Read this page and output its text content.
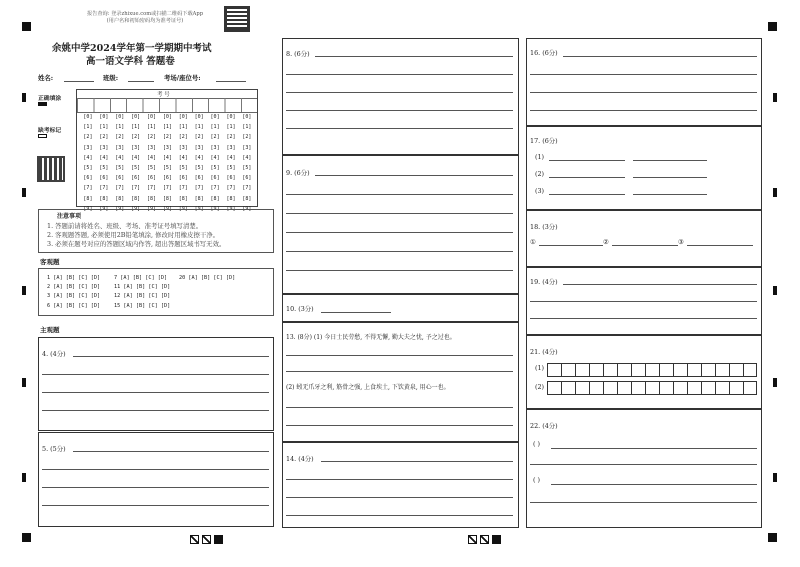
报告查询: 登录zhixue.com或扫描二维码下载App
(用户名和初始密码均为准考证号)
余姚中学2024学年第一学期期中考试
高一语文学科 答题卷
姓名:	班级:	考场/座位号:
正确填涂
缺考标记
考 号
[0]	[0]	[0]	[0]	[0]	[0]	[0]	[0]	[0]	[0]	[0]
[1]	[1]	[1]	[1]	[1]	[1]	[1]	[1]	[1]	[1]	[1]
[2]	[2]	[2]	[2]	[2]	[2]	[2]	[2]	[2]	[2]	[2]
[3]	[3]	[3]	[3]	[3]	[3]	[3]	[3]	[3]	[3]	[3]
[4]	[4]	[4]	[4]	[4]	[4]	[4]	[4]	[4]	[4]	[4]
[5]	[5]	[5]	[5]	[5]	[5]	[5]	[5]	[5]	[5]	[5]
[6]	[6]	[6]	[6]	[6]	[6]	[6]	[6]	[6]	[6]	[6]
[7]	[7]	[7]	[7]	[7]	[7]	[7]	[7]	[7]	[7]	[7]
[8]	[8]	[8]	[8]	[8]	[8]	[8]	[8]	[8]	[8]	[8]
[9]	[9]	[9]	[9]	[9]	[9]	[9]	[9]	[9]	[9]	[9]
注意事项
1. 答题前请将姓名、班级、考场、准考证号填写清楚。
2. 客观题答题, 必须使用2B铅笔填涂, 修改时用橡皮擦干净。
3. 必须在题号对应的答题区域内作答, 超出答题区域书写无效。
客观题
1 [A] [B] [C] [D]
2 [A] [B] [C] [D]
3 [A] [B] [C] [D]
6 [A] [B] [C] [D]
7 [A] [B] [C] [D]
11 [A] [B] [C] [D]
12 [A] [B] [C] [D]
15 [A] [B] [C] [D]
20 [A] [B] [C] [D]
主观题
4. (4分)
5. (5分)
8. (6分)
9. (6分)
10. (3分)
13. (8分) (1) 今日士民劳愁, 不得无懈, 勤大夫之忧, 予之过也。
(2) 蚓无爪牙之利, 筋骨之强, 上食埃土, 下饮黄泉, 用心一也。
14. (4分)
16. (6分)
17. (6分)
(1)
(2)
(3)
18. (3分)
①	②	③
19. (4分)
21. (4分)
(1)
(2)
22. (4分)
( )
( )
